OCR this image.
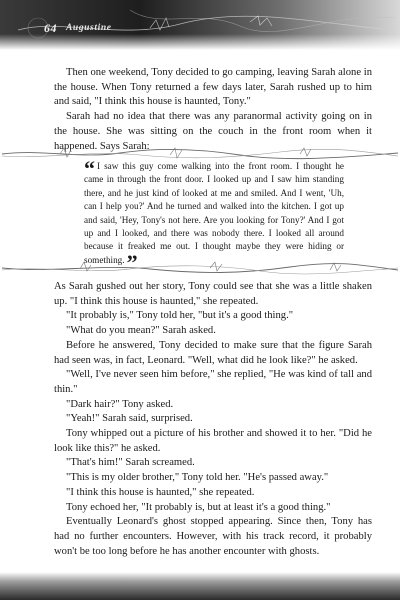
64 Augustine

Then one weekend, Tony decided to go camping, leaving Sarah alone in the house. When Tony returned a few days later, Sarah rushed up to him and said, "I think this house is haunted, Tony."

Sarah had no idea that there was any paranormal activity going on in the house. She was sitting on the couch in the front room when it happened. Says Sarah:

“ I saw this guy come walking into the front room. I thought he came in through the front door. I looked up and I saw him standing there, and he just kind of looked at me and smiled. And I went, 'Uh, can I help you?' And he turned and walked into the kitchen. I got up and said, 'Hey, Tony's not here. Are you looking for Tony?' And I got up and I looked, and there was nobody there. I looked all around because it freaked me out. I thought maybe they were hiding or something.”

As Sarah gushed out her story, Tony could see that she was a little shaken up. "I think this house is haunted," she repeated.

"It probably is," Tony told her, "but it's a good thing."

"What do you mean?" Sarah asked.

Before he answered, Tony decided to make sure that the figure Sarah had seen was, in fact, Leonard. "Well, what did he look like?" he asked.

"Well, I've never seen him before," she replied, "He was kind of tall and thin."

"Dark hair?" Tony asked.

"Yeah!" Sarah said, surprised.

Tony whipped out a picture of his brother and showed it to her. "Did he look like this?" he asked.

"That's him!" Sarah screamed.

"This is my older brother," Tony told her. "He's passed away."

"I think this house is haunted," she repeated.

Tony echoed her, "It probably is, but at least it's a good thing."

Eventually Leonard's ghost stopped appearing. Since then, Tony has had no further encounters. However, with his track record, it probably won't be too long before he has another encounter with ghosts.
